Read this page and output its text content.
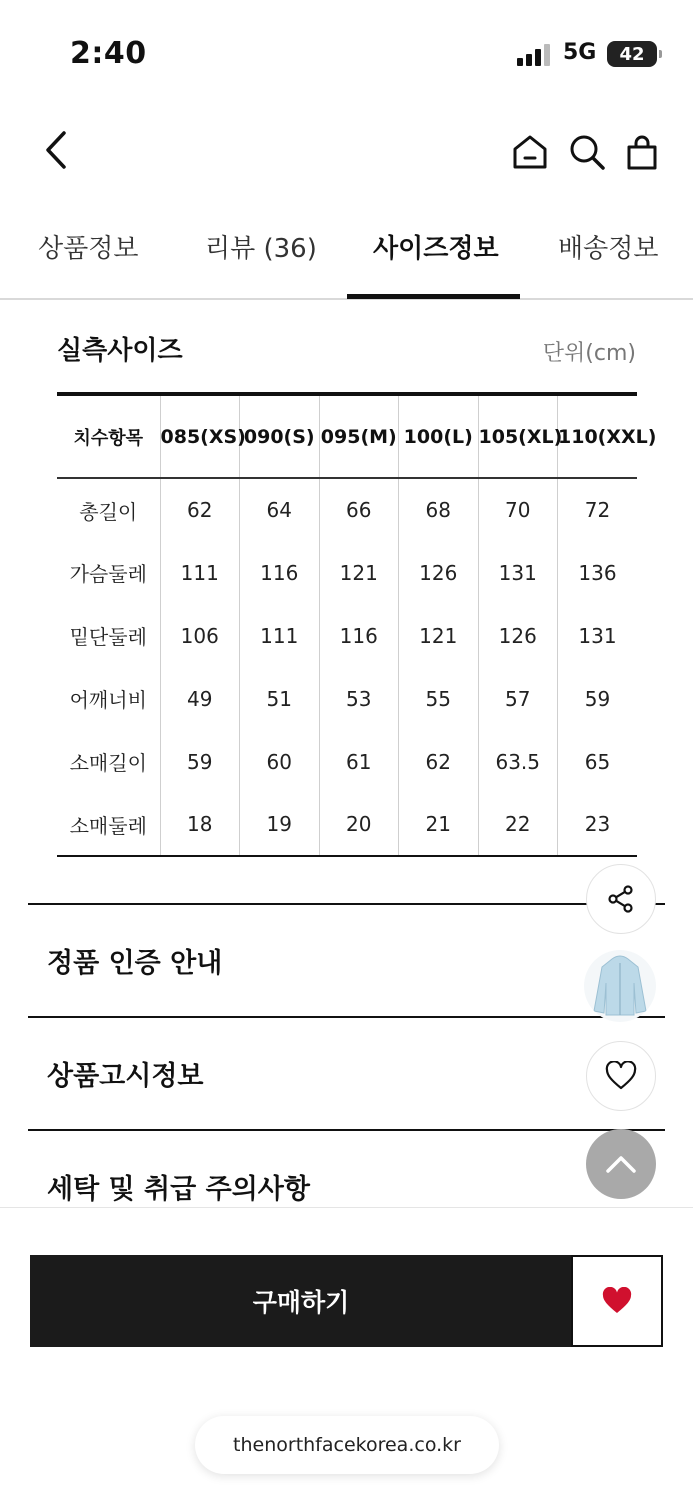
2:40	5G	42
상품정보	리뷰 (36) 사이즈정보 배송정보
실측사이즈	단위(cm)
치수항목	085(XS)	090(S)	095(M)	100(L)	105(XL)	110(XXL)
총길이	62	64	66	68	70	72
가슴둘레	111	116	121	126	131	136
밑단둘레	106	111	116	121	126	131
어깨너비	49	51	53	55	57	59
소매길이	59	60	61	62	63.5	65
소매둘레	18	19	20	21	22	23
정품 인증 안내
상품고시정보
세탁 및 취급 주의사항
구매하기
thenorthfacekorea.co.kr
